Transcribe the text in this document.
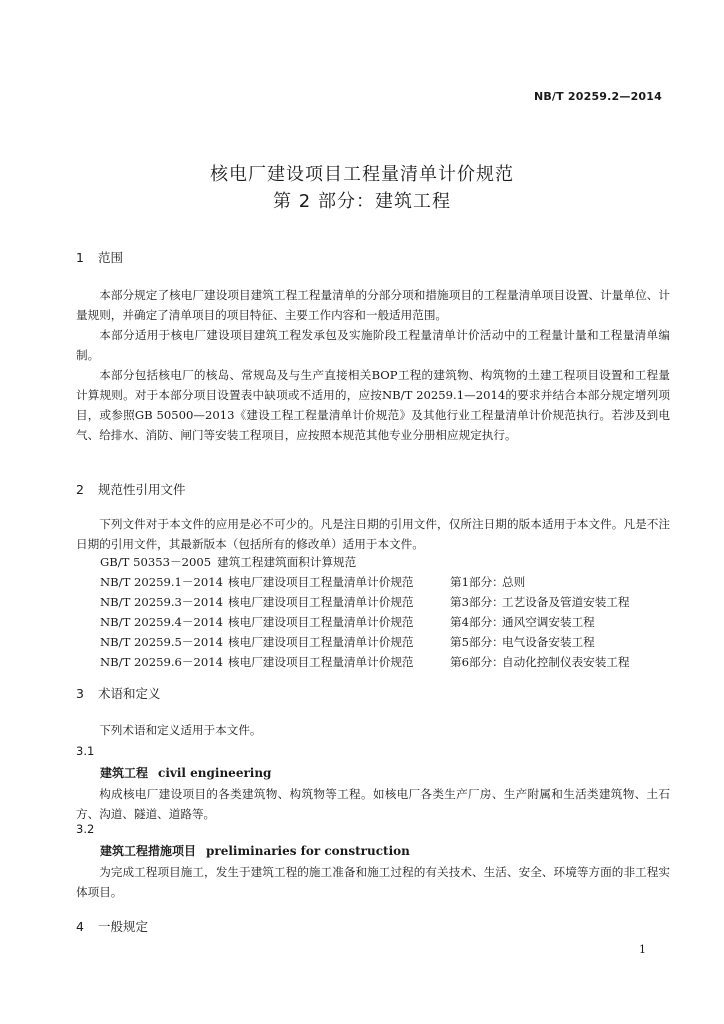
NB/T 20259.2—2014
核电厂建设项目工程量清单计价规范
第 2 部分：建筑工程
1 范围
本部分规定了核电厂建设项目建筑工程工程量清单的分部分项和措施项目的工程量清单项目设置、计量单位、计量规则，并确定了清单项目的项目特征、主要工作内容和一般适用范围。
本部分适用于核电厂建设项目建筑工程发承包及实施阶段工程量清单计价活动中的工程量计量和工程量清单编制。
本部分包括核电厂的核岛、常规岛及与生产直接相关BOP工程的建筑物、构筑物的土建工程项目设置和工程量计算规则。对于本部分项目设置表中缺项或不适用的，应按NB/T 20259.1—2014的要求并结合本部分规定增列项目，或参照GB 50500—2013《建设工程工程量清单计价规范》及其他行业工程量清单计价规范执行。若涉及到电气、给排水、消防、闸门等安装工程项目，应按照本规范其他专业分册相应规定执行。
2 规范性引用文件
下列文件对于本文件的应用是必不可少的。凡是注日期的引用文件，仅所注日期的版本适用于本文件。凡是不注日期的引用文件，其最新版本（包括所有的修改单）适用于本文件。
GB/T 50353－2005 建筑工程建筑面积计算规范
NB/T 20259.1－2014 核电厂建设项目工程量清单计价规范	第1部分：总则
NB/T 20259.3－2014 核电厂建设项目工程量清单计价规范	第3部分：工艺设备及管道安装工程
NB/T 20259.4－2014 核电厂建设项目工程量清单计价规范	第4部分：通风空调安装工程
NB/T 20259.5－2014 核电厂建设项目工程量清单计价规范	第5部分：电气设备安装工程
NB/T 20259.6－2014 核电厂建设项目工程量清单计价规范	第6部分：自动化控制仪表安装工程
3 术语和定义
下列术语和定义适用于本文件。
3.1
建筑工程 civil engineering
构成核电厂建设项目的各类建筑物、构筑物等工程。如核电厂各类生产厂房、生产附属和生活类建筑物、土石方、沟道、隧道、道路等。
3.2
建筑工程措施项目 preliminaries for construction
为完成工程项目施工，发生于建筑工程的施工准备和施工过程的有关技术、生活、安全、环境等方面的非工程实体项目。
4 一般规定
1
